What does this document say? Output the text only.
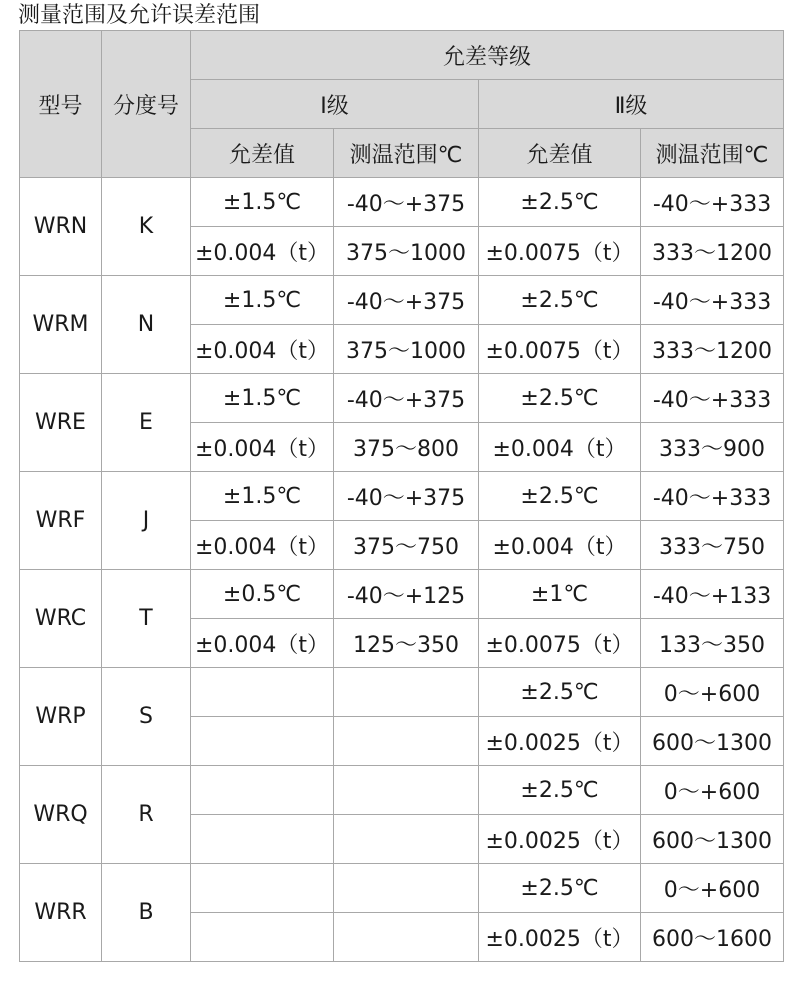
测量范围及允许误差范围
型号	分度号	允差等级			
		Ⅰ级		Ⅱ级	
		允差值	测温范围℃	允差值	测温范围℃
WRN	K	±1.5℃	-40～+375	±2.5℃	-40～+333
		±0.004（t）	375～1000	±0.0075（t）	333～1200
WRM	N	±1.5℃	-40～+375	±2.5℃	-40～+333
		±0.004（t）	375～1000	±0.0075（t）	333～1200
WRE	E	±1.5℃	-40～+375	±2.5℃	-40～+333
		±0.004（t）	375～800	±0.004（t）	333～900
WRF	J	±1.5℃	-40～+375	±2.5℃	-40～+333
		±0.004（t）	375～750	±0.004（t）	333～750
WRC	T	±0.5℃	-40～+125	±1℃	-40～+133
		±0.004（t）	125～350	±0.0075（t）	133～350
WRP	S			±2.5℃	0～+600
				±0.0025（t）	600～1300
WRQ	R			±2.5℃	0～+600
				±0.0025（t）	600～1300
WRR	B			±2.5℃	0～+600
				±0.0025（t）	600～1600
